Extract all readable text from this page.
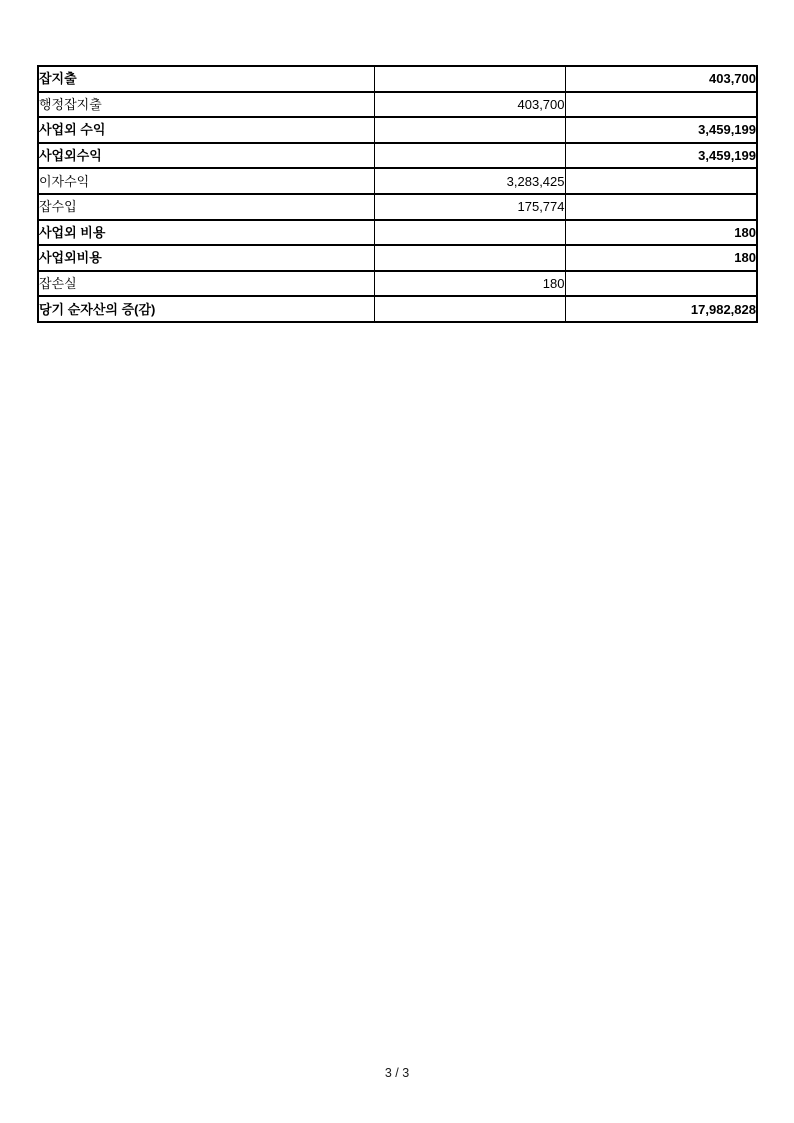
잡지출		403,700
행정잡지출	403,700	
사업외 수익		3,459,199
사업외수익		3,459,199
이자수익	3,283,425	
잡수입	175,774	
사업외 비용		180
사업외비용		180
잡손실	180	
당기 순자산의 증(감)		17,982,828
3 / 3
